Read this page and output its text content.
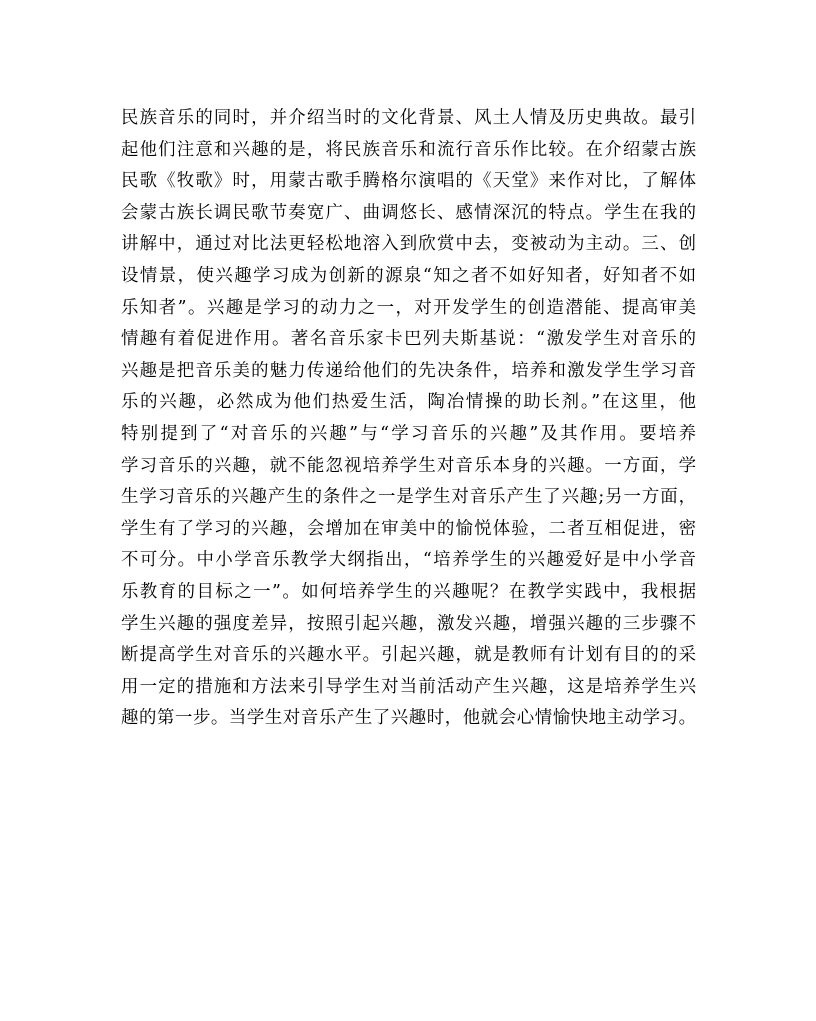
民族音乐的同时，并介绍当时的文化背景、风土人情及历史典故。最引
起他们注意和兴趣的是，将民族音乐和流行音乐作比较。在介绍蒙古族
民歌《牧歌》时，用蒙古歌手腾格尔演唱的《天堂》来作对比，了解体
会蒙古族长调民歌节奏宽广、曲调悠长、感情深沉的特点。学生在我的
讲解中，通过对比法更轻松地溶入到欣赏中去，变被动为主动。三、创
设情景，使兴趣学习成为创新的源泉“知之者不如好知者，好知者不如
乐知者”。兴趣是学习的动力之一，对开发学生的创造潜能、提高审美
情趣有着促进作用。著名音乐家卡巴列夫斯基说：“激发学生对音乐的
兴趣是把音乐美的魅力传递给他们的先决条件，培养和激发学生学习音
乐的兴趣，必然成为他们热爱生活，陶冶情操的助长剂。”在这里，他
特别提到了“对音乐的兴趣”与“学习音乐的兴趣”及其作用。要培养
学习音乐的兴趣，就不能忽视培养学生对音乐本身的兴趣。一方面，学
生学习音乐的兴趣产生的条件之一是学生对音乐产生了兴趣;另一方面，
学生有了学习的兴趣，会增加在审美中的愉悦体验，二者互相促进，密
不可分。中小学音乐教学大纲指出，“培养学生的兴趣爱好是中小学音
乐教育的目标之一”。如何培养学生的兴趣呢？在教学实践中，我根据
学生兴趣的强度差异，按照引起兴趣，激发兴趣，增强兴趣的三步骤不
断提高学生对音乐的兴趣水平。引起兴趣，就是教师有计划有目的的采
用一定的措施和方法来引导学生对当前活动产生兴趣，这是培养学生兴
趣的第一步。当学生对音乐产生了兴趣时，他就会心情愉快地主动学习。
